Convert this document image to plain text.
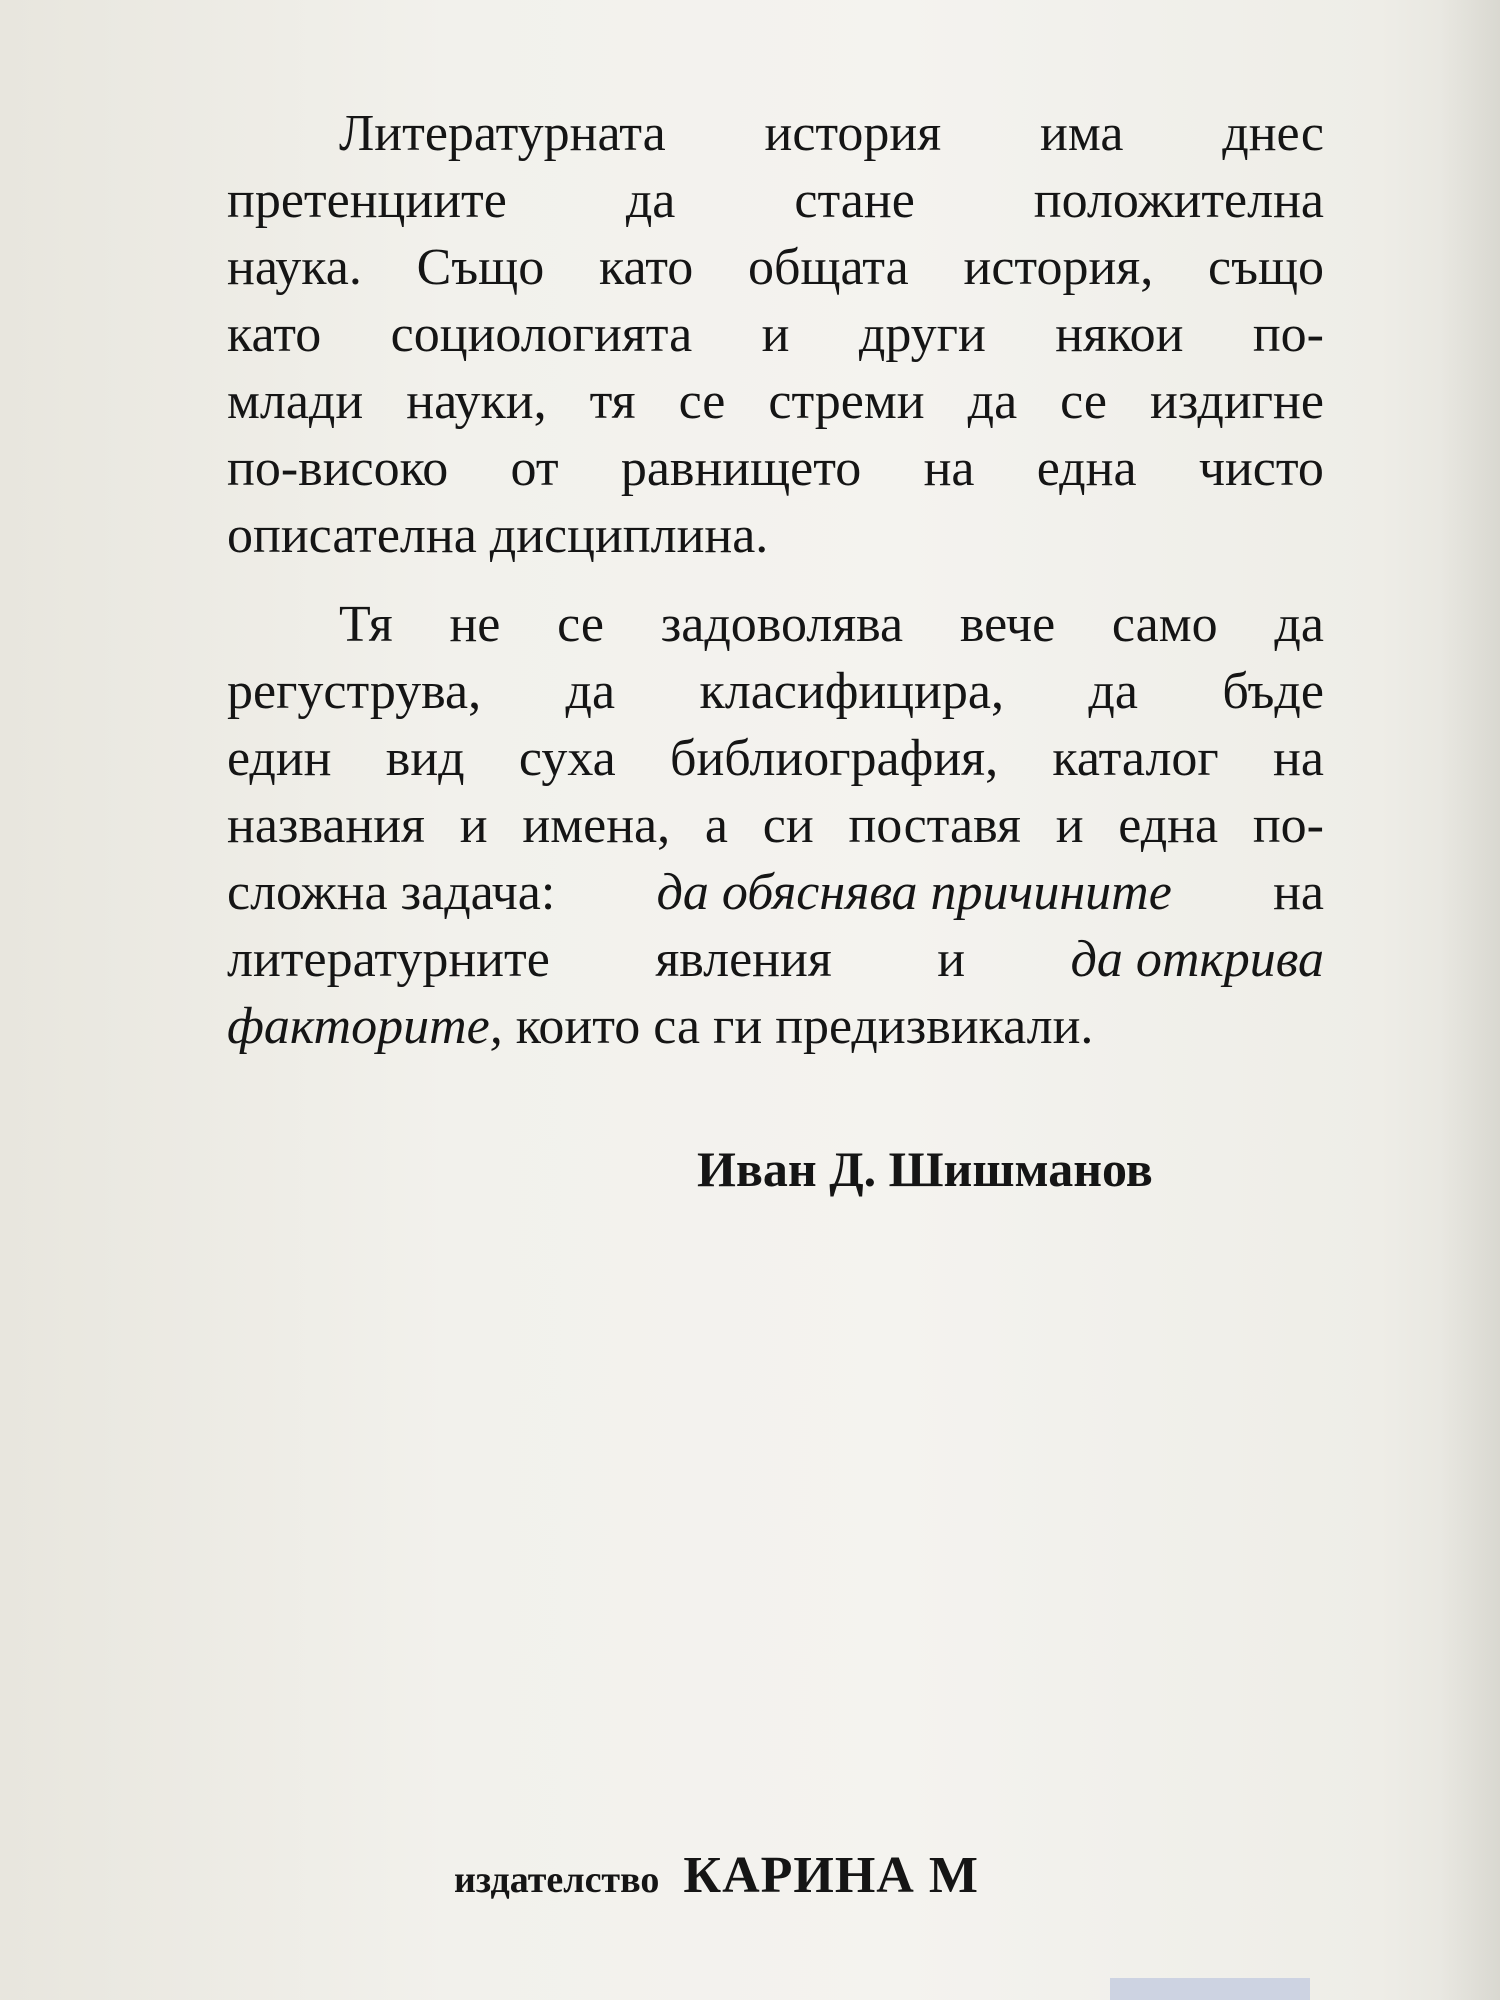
Литературната история има днес
претенциите да стане положителна
наука. Също като общата история, също
като социологията и други някои по-
млади науки, тя се стреми да се издигне
по-високо от равнището на една чисто
описателна дисциплина.
Тя не се задоволява вече само да
регуструва, да класифицира, да бъде
един вид суха библиография, каталог на
названия и имена, а си поставя и една по-
сложна задача: да обяснява причините на
литературните явления и да открива
факторите, които са ги предизвикали.
Иван Д. Шишманов
издателство КАРИНА М
